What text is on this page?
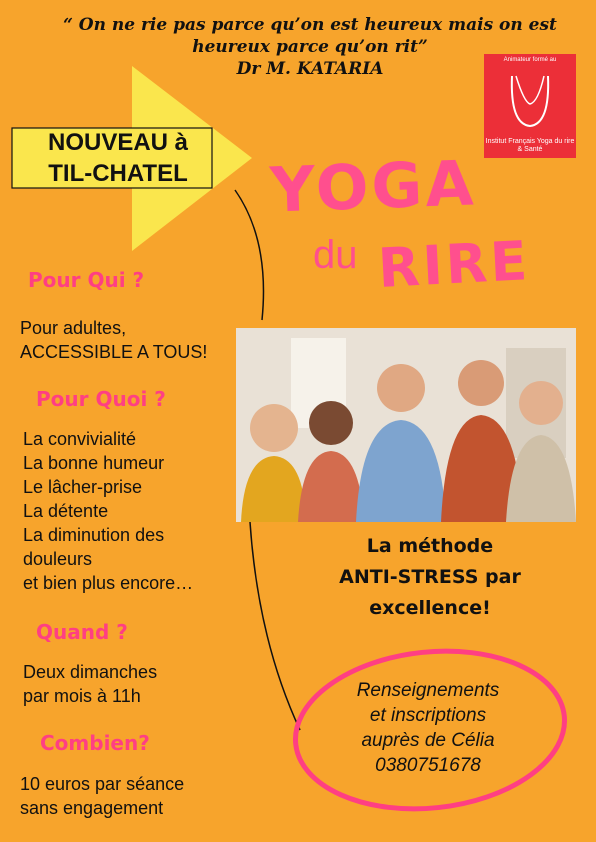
“ On ne rie pas parce qu’on est heureux mais on est heureux parce qu’on rit”
Dr M. KATARIA	Animateur formé au
Institut Français Yoga du rire & Santé
NOUVEAU à
TIL-CHATEL	YOGA
du RIRE
Pour Qui ?
Pour adultes,
ACCESSIBLE A TOUS!
Pour Quoi ?
La convivialité
La bonne humeur
Le lâcher-prise
La détente
La diminution des
douleurs
et bien plus encore…
Quand ?
Deux dimanches
par mois à 11h
Combien?
10 euros par séance
sans engagement
La méthode
ANTI-STRESS par
excellence!
Renseignements
et inscriptions
auprès de Célia
0380751678
